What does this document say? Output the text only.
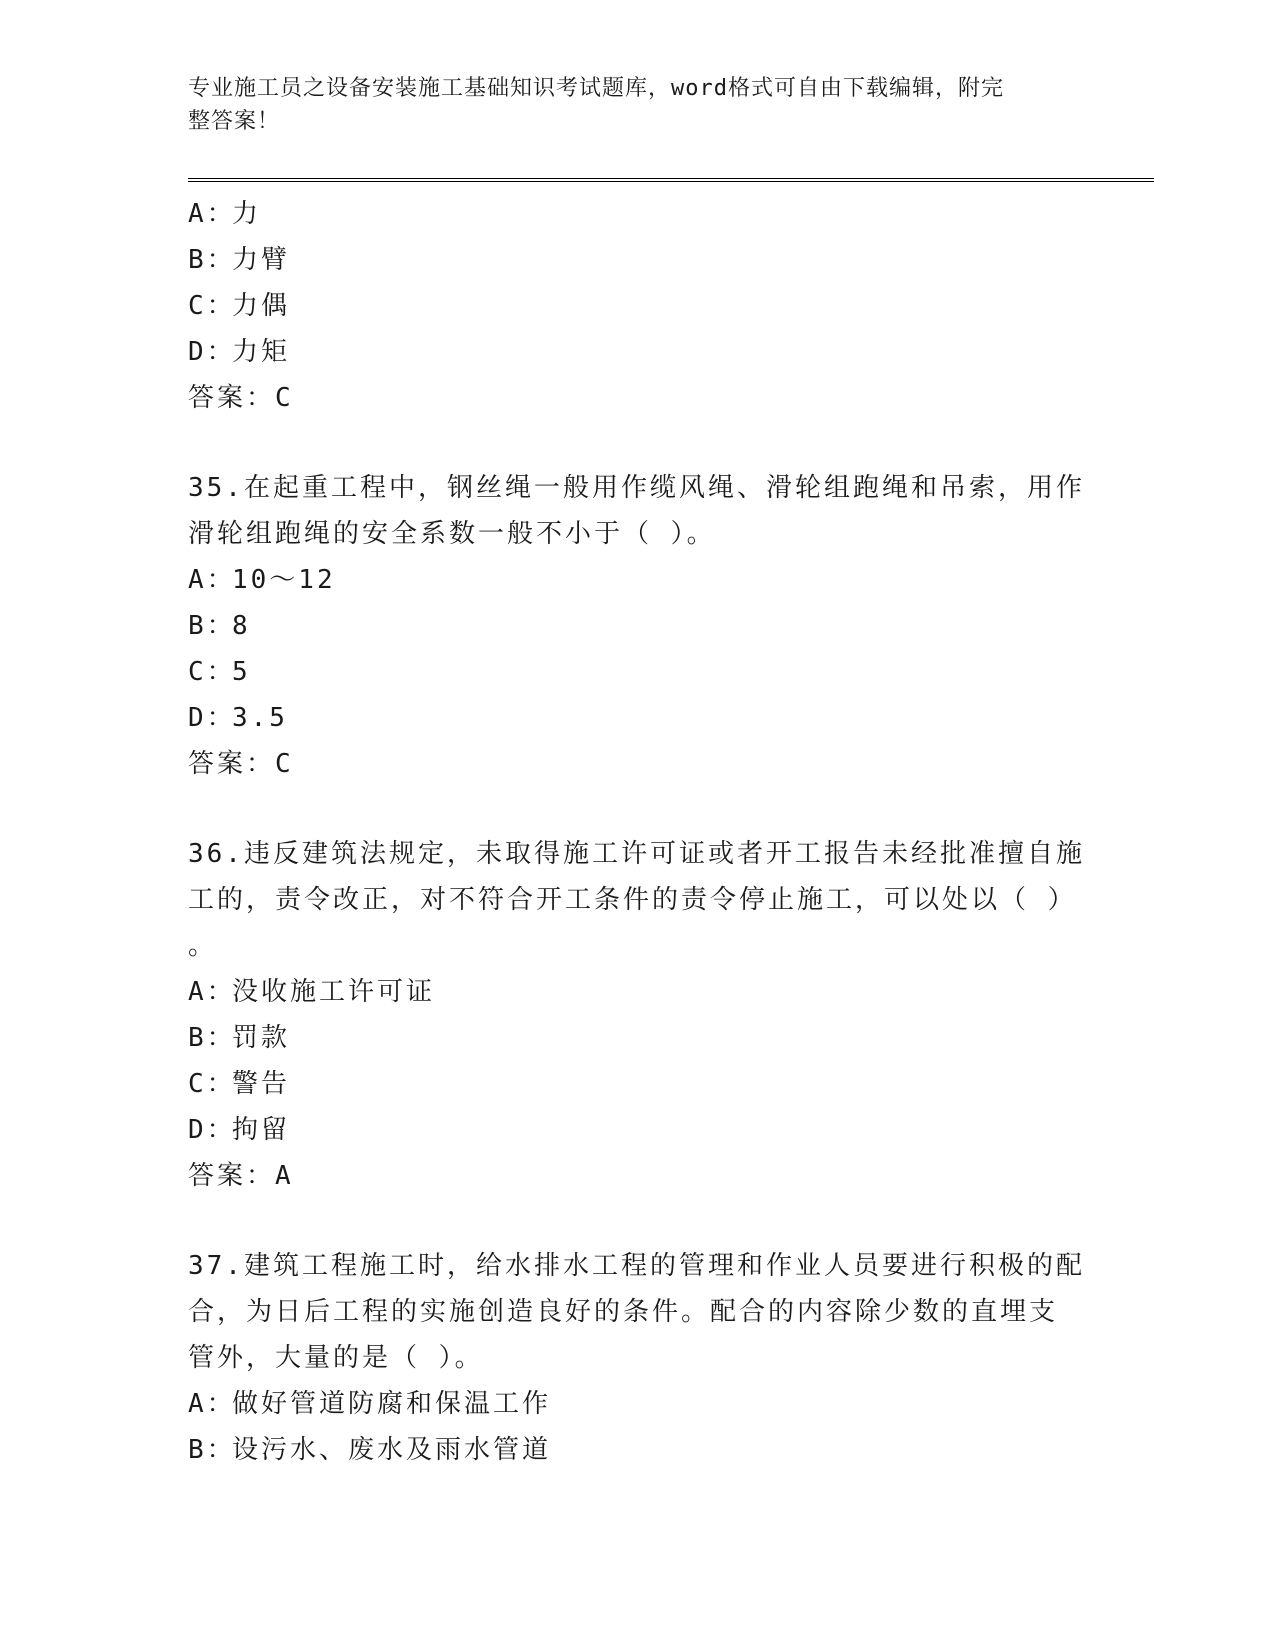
专业施工员之设备安装施工基础知识考试题库，word格式可自由下载编辑，附完
整答案！
A：力
B：力臂
C：力偶
D：力矩
答案：C
35.在起重工程中，钢丝绳一般用作缆风绳、滑轮组跑绳和吊索，用作
滑轮组跑绳的安全系数一般不小于（ ）。
A：10～12
B：8
C：5
D：3.5
答案：C
36.违反建筑法规定，未取得施工许可证或者开工报告未经批准擅自施
工的，责令改正，对不符合开工条件的责令停止施工，可以处以（ ）
。
A：没收施工许可证
B：罚款
C：警告
D：拘留
答案：A
37.建筑工程施工时，给水排水工程的管理和作业人员要进行积极的配
合，为日后工程的实施创造良好的条件。配合的内容除少数的直埋支
管外，大量的是（ ）。
A：做好管道防腐和保温工作
B：设污水、废水及雨水管道
